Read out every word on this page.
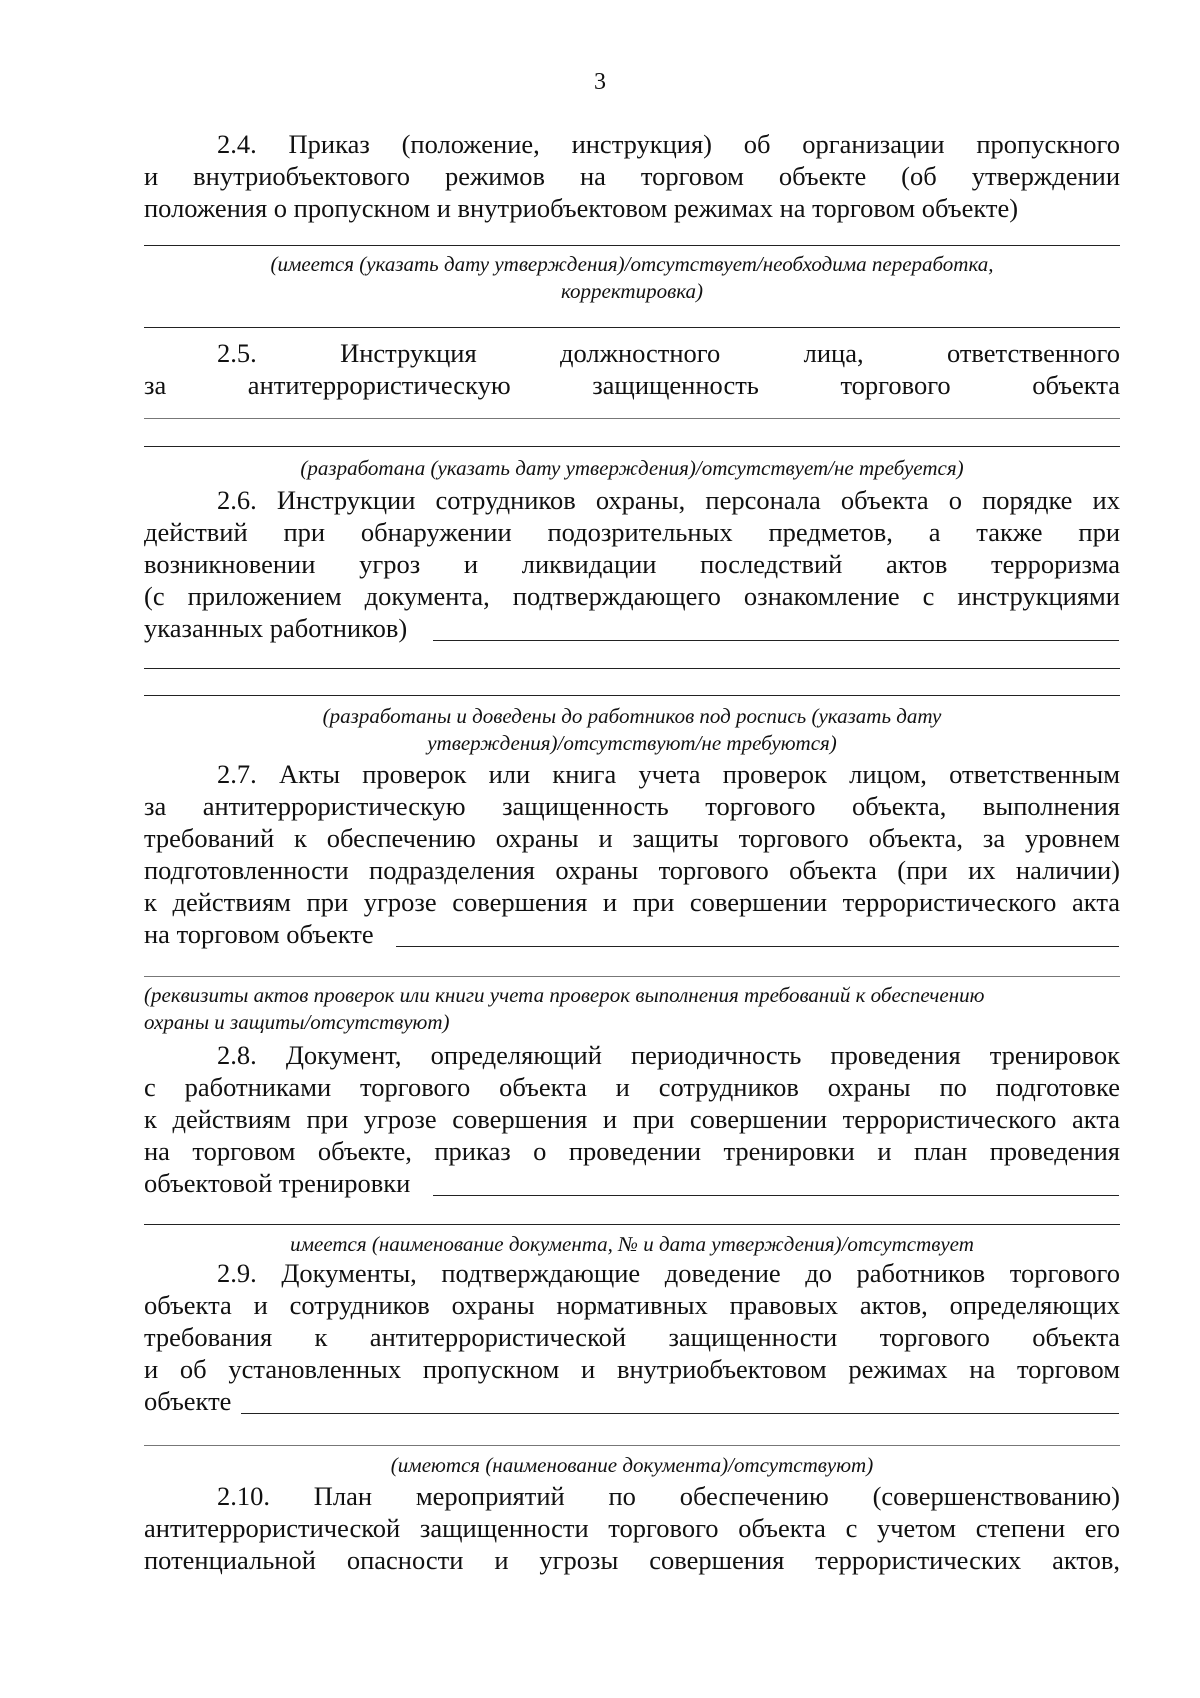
3
2.4. Приказ (положение, инструкция) об организации пропускного
и внутриобъектового режимов на торговом объекте (об утверждении
положения о пропускном и внутриобъектовом режимах на торговом объекте)
(имеется (указать дату утверждения)/отсутствует/необходима переработка,
корректировка)
2.5. Инструкция должностного лица, ответственного
за антитеррористическую защищенность торгового объекта
(разработана (указать дату утверждения)/отсутствует/не требуется)
2.6. Инструкции сотрудников охраны, персонала объекта о порядке их
действий при обнаружении подозрительных предметов, а также при
возникновении угроз и ликвидации последствий актов терроризма
(с приложением документа, подтверждающего ознакомление с инструкциями
указанных работников)
(разработаны и доведены до работников под роспись (указать дату
утверждения)/отсутствуют/не требуются)
2.7. Акты проверок или книга учета проверок лицом, ответственным
за антитеррористическую защищенность торгового объекта, выполнения
требований к обеспечению охраны и защиты торгового объекта, за уровнем
подготовленности подразделения охраны торгового объекта (при их наличии)
к действиям при угрозе совершения и при совершении террористического акта
на торговом объекте
(реквизиты актов проверок или книги учета проверок выполнения требований к обеспечению
охраны и защиты/отсутствуют)
2.8. Документ, определяющий периодичность проведения тренировок
с работниками торгового объекта и сотрудников охраны по подготовке
к действиям при угрозе совершения и при совершении террористического акта
на торговом объекте, приказ о проведении тренировки и план проведения
объектовой тренировки
имеется (наименование документа, № и дата утверждения)/отсутствует
2.9. Документы, подтверждающие доведение до работников торгового
объекта и сотрудников охраны нормативных правовых актов, определяющих
требования к антитеррористической защищенности торгового объекта
и об установленных пропускном и внутриобъектовом режимах на торговом
объекте
(имеются (наименование документа)/отсутствуют)
2.10. План мероприятий по обеспечению (совершенствованию)
антитеррористической защищенности торгового объекта с учетом степени его
потенциальной опасности и угрозы совершения террористических актов,
